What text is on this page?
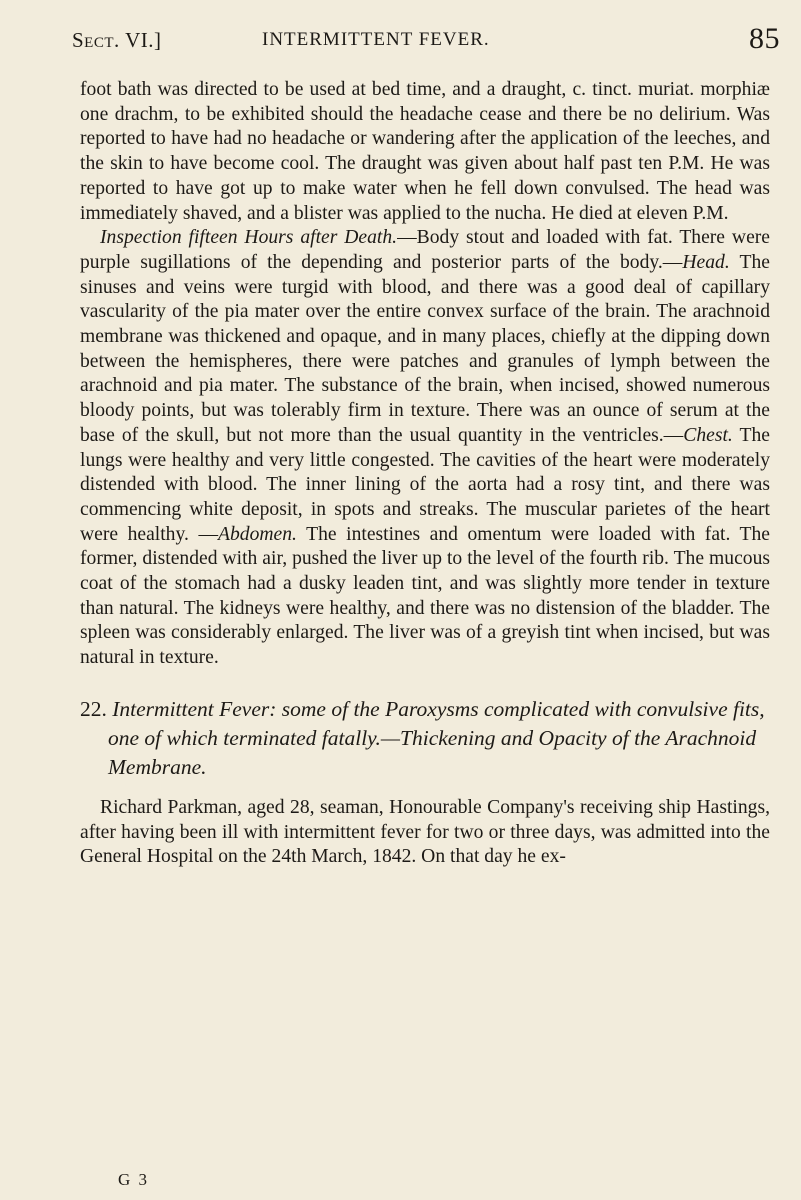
Sect. VI.]	INTERMITTENT FEVER.	85

foot bath was directed to be used at bed time, and a draught, c. tinct. muriat. morphiæ one drachm, to be exhibited should the headache cease and there be no delirium. Was reported to have had no headache or wandering after the application of the leeches, and the skin to have become cool. The draught was given about half past ten P.M. He was reported to have got up to make water when he fell down convulsed. The head was immediately shaved, and a blister was applied to the nucha. He died at eleven P.M.

Inspection fifteen Hours after Death.—Body stout and loaded with fat. There were purple sugillations of the depending and posterior parts of the body.—Head. The sinuses and veins were turgid with blood, and there was a good deal of capillary vascularity of the pia mater over the entire convex surface of the brain. The arachnoid membrane was thickened and opaque, and in many places, chiefly at the dipping down between the hemispheres, there were patches and granules of lymph between the arachnoid and pia mater. The substance of the brain, when incised, showed numerous bloody points, but was tolerably firm in texture. There was an ounce of serum at the base of the skull, but not more than the usual quantity in the ventricles.—Chest. The lungs were healthy and very little congested. The cavities of the heart were moderately distended with blood. The inner lining of the aorta had a rosy tint, and there was commencing white deposit, in spots and streaks. The muscular parietes of the heart were healthy. —Abdomen. The intestines and omentum were loaded with fat. The former, distended with air, pushed the liver up to the level of the fourth rib. The mucous coat of the stomach had a dusky leaden tint, and was slightly more tender in texture than natural. The kidneys were healthy, and there was no distension of the bladder. The spleen was considerably enlarged. The liver was of a greyish tint when incised, but was natural in texture.

22. Intermittent Fever: some of the Paroxysms complicated with convulsive fits, one of which terminated fatally.—Thickening and Opacity of the Arachnoid Membrane.

Richard Parkman, aged 28, seaman, Honourable Company's receiving ship Hastings, after having been ill with intermittent fever for two or three days, was admitted into the General Hospital on the 24th March, 1842. On that day he ex-

G 3
